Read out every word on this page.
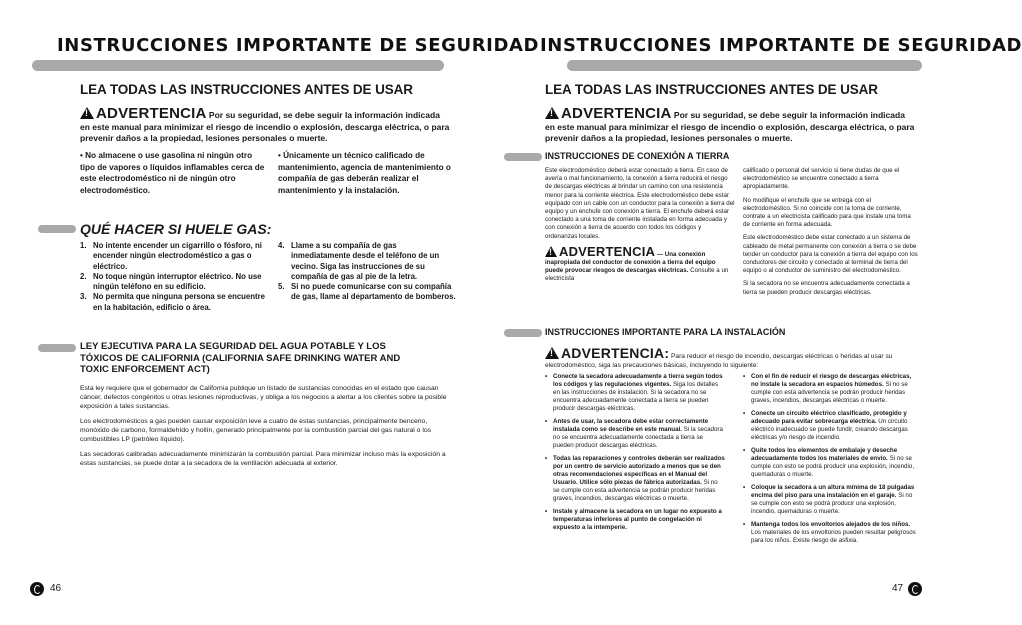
INSTRUCCIONES IMPORTANTE DE SEGURIDAD
LEA TODAS LAS INSTRUCCIONES ANTES DE USAR
!ADVERTENCIA Por su seguridad, se debe seguir la información indicada en este manual para minimizar el riesgo de incendio o explosión, descarga eléctrica, o para prevenir daños a la propiedad, lesiones personales o muerte.
• No almacene o use gasolina ni ningún otro tipo de vapores o líquidos inflamables cerca de este electrodoméstico ni de ningún otro electrodoméstico.
• Únicamente un técnico calificado de mantenimiento, agencia de mantenimiento o compañía de gas deberán realizar el mantenimiento y la instalación.
QUÉ HACER SI HUELE GAS:
1. No intente encender un cigarrillo o fósforo, ni encender ningún electrodoméstico a gas o eléctrico.
2. No toque ningún interruptor eléctrico. No use ningún teléfono en su edificio.
3. No permita que ninguna persona se encuentre en la habitación, edificio o área.
4. Llame a su compañía de gas inmediatamente desde el teléfono de un vecino. Siga las instrucciones de su compañía de gas al pie de la letra.
5. Si no puede comunicarse con su compañía de gas, llame al departamento de bomberos.
LEY EJECUTIVA PARA LA SEGURIDAD DEL AGUA POTABLE Y LOS TÓXICOS DE CALIFORNIA (CALIFORNIA SAFE DRINKING WATER AND TOXIC ENFORCEMENT ACT)

Esta ley requiere que el gobernador de California publique un listado de sustancias conocidas en el estado que causan cáncer, defectos congénitos u otras lesiones reproductivas, y obliga a los negocios a alertar a los clientes sobre la posible exposición a tales sustancias.

Los electrodomésticos a gas pueden causar exposición leve a cuatro de estas sustancias, principalmente benceno, monóxido de carbono, formaldehído y hollín, generado principalmente por la combustión parcial del gas natural o los combustibles LP (petróleo líquido).

Las secadoras calibradas adecuadamente minimizarán la combustión parcial. Para minimizar incluso más la exposición a estas sustancias, se puede dotar a la secadora de la ventilación adecuada al exterior.

46
INSTRUCCIONES IMPORTANTE DE SEGURIDAD
LEA TODAS LAS INSTRUCCIONES ANTES DE USAR
!ADVERTENCIA Por su seguridad, se debe seguir la información indicada en este manual para minimizar el riesgo de incendio o explosión, descarga eléctrica, o para prevenir daños a la propiedad, lesiones personales o muerte.
INSTRUCCIONES DE CONEXIÓN A TIERRA

Este electrodoméstico deberá estar conectado a tierra. En caso de avería o mal funcionamiento, la conexión a tierra reducirá el riesgo de descargas eléctricas al brindar un camino con una resistencia menor para la corriente eléctrica. Este electrodoméstico debe estar equipado con un cable con un conductor para la conexión a tierra del equipo y un enchufe con conexión a tierra. El enchufe deberá estar conectado a una toma de corriente instalada en forma adecuada y con conexión a tierra de acuerdo con todos los códigos y ordenanzas locales.

!ADVERTENCIA — Una conexión inapropiada del conductor de conexión a tierra del equipo puede provocar riesgos de descargas eléctricas. Consulte a un electricista

calificado o personal del servicio si tiene dudas de que el electrodoméstico se encuentre conectado a tierra apropiadamente.

No modifique el enchufe que se entrega con el electrodoméstico. Si no coincide con la toma de corriente, contrate a un electricista calificado para que instale una toma de corriente en forma adecuada.

Este electrodoméstico debe estar conectado a un sistema de cableado de metal permanente con conexión a tierra o se debe tender un conductor para la conexión a tierra del equipo con los conductores del circuito y conectado al terminal de tierra del equipo o al conductor de suministro del electrodoméstico.

Si la secadora no se encuentra adecuadamente conectada a tierra se pueden producir descargas eléctricas.

INSTRUCCIONES IMPORTANTE PARA LA INSTALACIÓN
!ADVERTENCIA: Para reducir el riesgo de incendio, descargas eléctricas o heridas al usar su electrodoméstico, siga las precauciones básicas, incluyendo lo siguiente:
• Conecte la secadora adecuadamente a tierra según todos los códigos y las regulaciones vigentes. Siga los detalles en las instrucciones de instalación. Si la secadora no se encuentra adecuadamente conectada a tierra se pueden producir descargas eléctricas.
• Antes de usar, la secadora debe estar correctamente instalada como se describe en este manual. Si la secadora no se encuentra adecuadamente conectada a tierra se pueden producir descargas eléctricas.
• Todas las reparaciones y controles deberán ser realizados por un centro de servicio autorizado a menos que se den otras recomendaciones específicas en el Manual del Usuario. Utilice sólo piezas de fábrica autorizadas. Si no se cumple con esta advertencia se podrán producir heridas graves, incendios, descargas eléctricas o muerte.
• Instale y almacene la secadora en un lugar no expuesto a temperaturas inferiores al punto de congelación ni expuesto a la intemperie.
• Con el fin de reducir el riesgo de descargas eléctricas, no instale la secadora en espacios húmedos. Si no se cumple con esta advertencia se podrán producir heridas graves, incendios, descargas eléctricas o muerte.
• Conecte un circuito eléctrico clasificado, protegido y adecuado para evitar sobrecarga eléctrica. Un circuito eléctrico inadecuado se puede fundir, creando descargas eléctricas y/o riesgo de incendio.
• Quite todos los elementos de embalaje y deseche adecuadamente todos los materiales de envío. Si no se cumple con esto se podrá producir una explosión, incendio, quemaduras o muerte.
• Coloque la secadora a un altura mínima de 18 pulgadas encima del piso para una instalación en el garaje. Si no se cumple con esto se podrá producir una explosión, incendio, quemaduras o muerte.
• Mantenga todos los envoltorios alejados de los niños. Los materiales de los envoltorios pueden resultar peligrosos para los niños. Existe riesgo de asfixia.
47
